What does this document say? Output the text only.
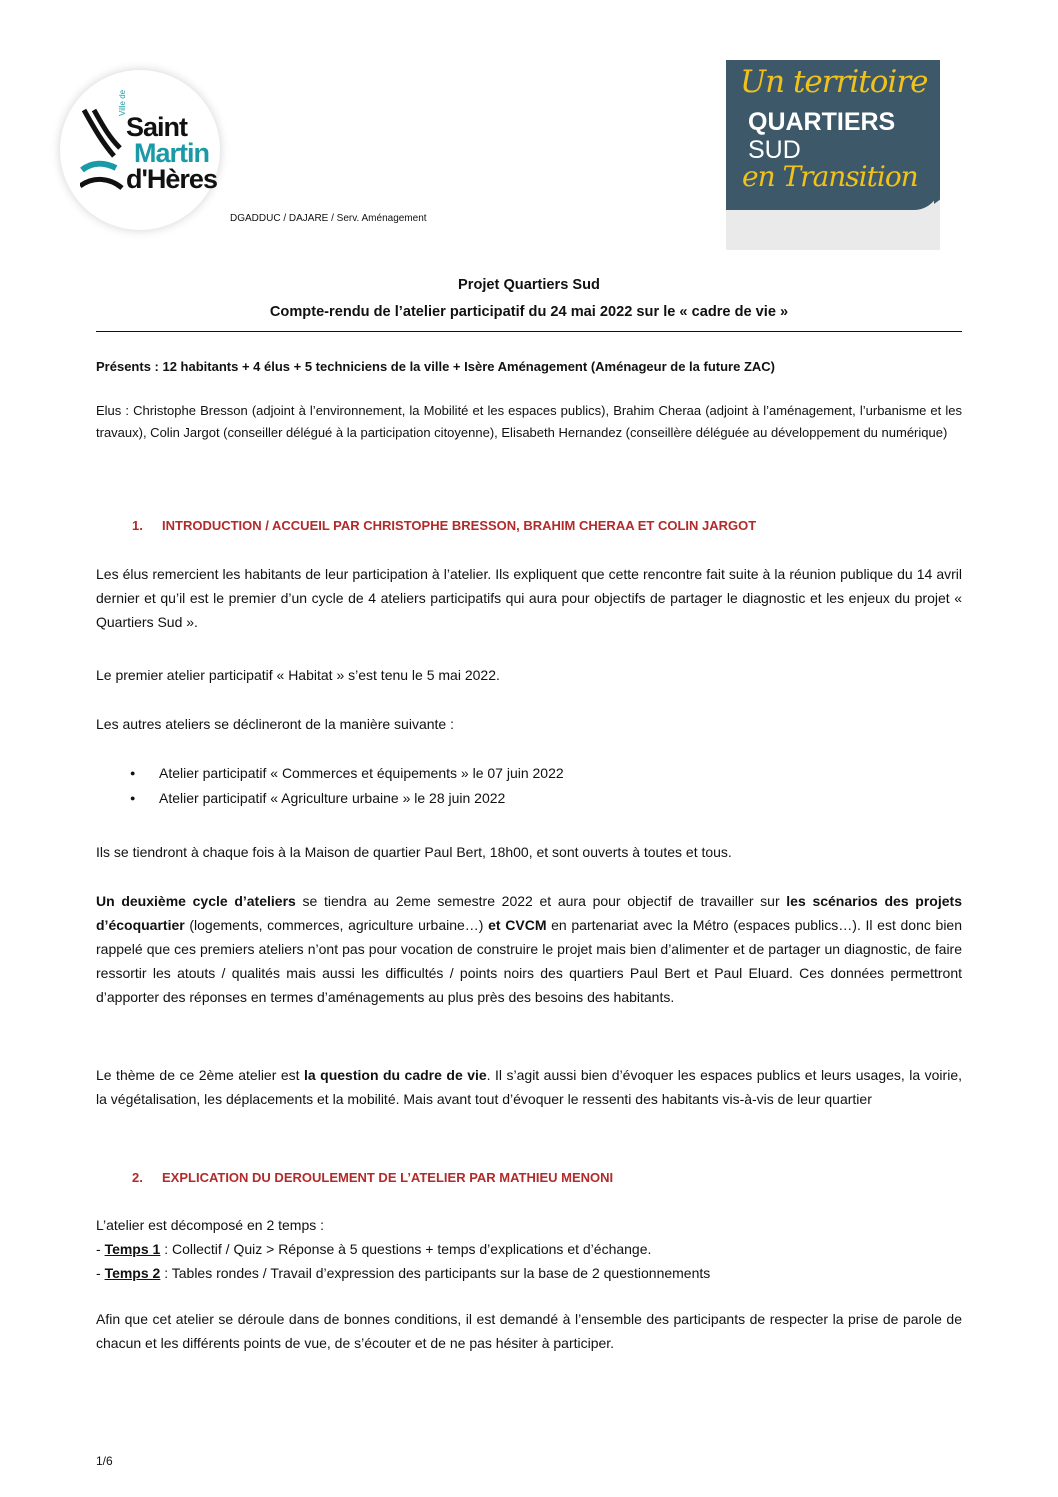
Ville de
Saint
Martin
d'Hères
DGADDUC / DAJARE / Serv. Aménagement
Un territoire
QUARTIERS
SUD
en Transition
Projet Quartiers Sud
Compte-rendu de l’atelier participatif du 24 mai 2022 sur le « cadre de vie »
Présents : 12 habitants + 4 élus + 5 techniciens de la ville + Isère Aménagement (Aménageur de la future ZAC)
Elus : Christophe Bresson (adjoint à l’environnement, la Mobilité et les espaces publics), Brahim Cheraa (adjoint à l’aménagement, l’urbanisme et les travaux), Colin Jargot (conseiller délégué à la participation citoyenne), Elisabeth Hernandez (conseillère déléguée au développement du numérique)
1. INTRODUCTION / ACCUEIL PAR CHRISTOPHE BRESSON, BRAHIM CHERAA ET COLIN JARGOT
Les élus remercient les habitants de leur participation à l’atelier. Ils expliquent que cette rencontre fait suite à la réunion publique du 14 avril dernier et qu’il est le premier d’un cycle de 4 ateliers participatifs qui aura pour objectifs de partager le diagnostic et les enjeux du projet « Quartiers Sud ».
Le premier atelier participatif « Habitat » s’est tenu le 5 mai 2022.
Les autres ateliers se déclineront de la manière suivante :
● Atelier participatif « Commerces et équipements » le 07 juin 2022
● Atelier participatif « Agriculture urbaine » le 28 juin 2022
Ils se tiendront à chaque fois à la Maison de quartier Paul Bert, 18h00, et sont ouverts à toutes et tous.
Un deuxième cycle d’ateliers se tiendra au 2eme semestre 2022 et aura pour objectif de travailler sur les scénarios des projets d’écoquartier (logements, commerces, agriculture urbaine…) et CVCM en partenariat avec la Métro (espaces publics…). Il est donc bien rappelé que ces premiers ateliers n’ont pas pour vocation de construire le projet mais bien d’alimenter et de partager un diagnostic, de faire ressortir les atouts / qualités mais aussi les difficultés / points noirs des quartiers Paul Bert et Paul Eluard. Ces données permettront d’apporter des réponses en termes d’aménagements au plus près des besoins des habitants.
Le thème de ce 2ème atelier est la question du cadre de vie. Il s’agit aussi bien d’évoquer les espaces publics et leurs usages, la voirie, la végétalisation, les déplacements et la mobilité. Mais avant tout d’évoquer le ressenti des habitants vis-à-vis de leur quartier
2. EXPLICATION DU DEROULEMENT DE L’ATELIER PAR MATHIEU MENONI
L’atelier est décomposé en 2 temps :
- Temps 1 : Collectif / Quiz > Réponse à 5 questions + temps d’explications et d’échange.
- Temps 2 : Tables rondes / Travail d’expression des participants sur la base de 2 questionnements
Afin que cet atelier se déroule dans de bonnes conditions, il est demandé à l’ensemble des participants de respecter la prise de parole de chacun et les différents points de vue, de s’écouter et de ne pas hésiter à participer.
1/6
